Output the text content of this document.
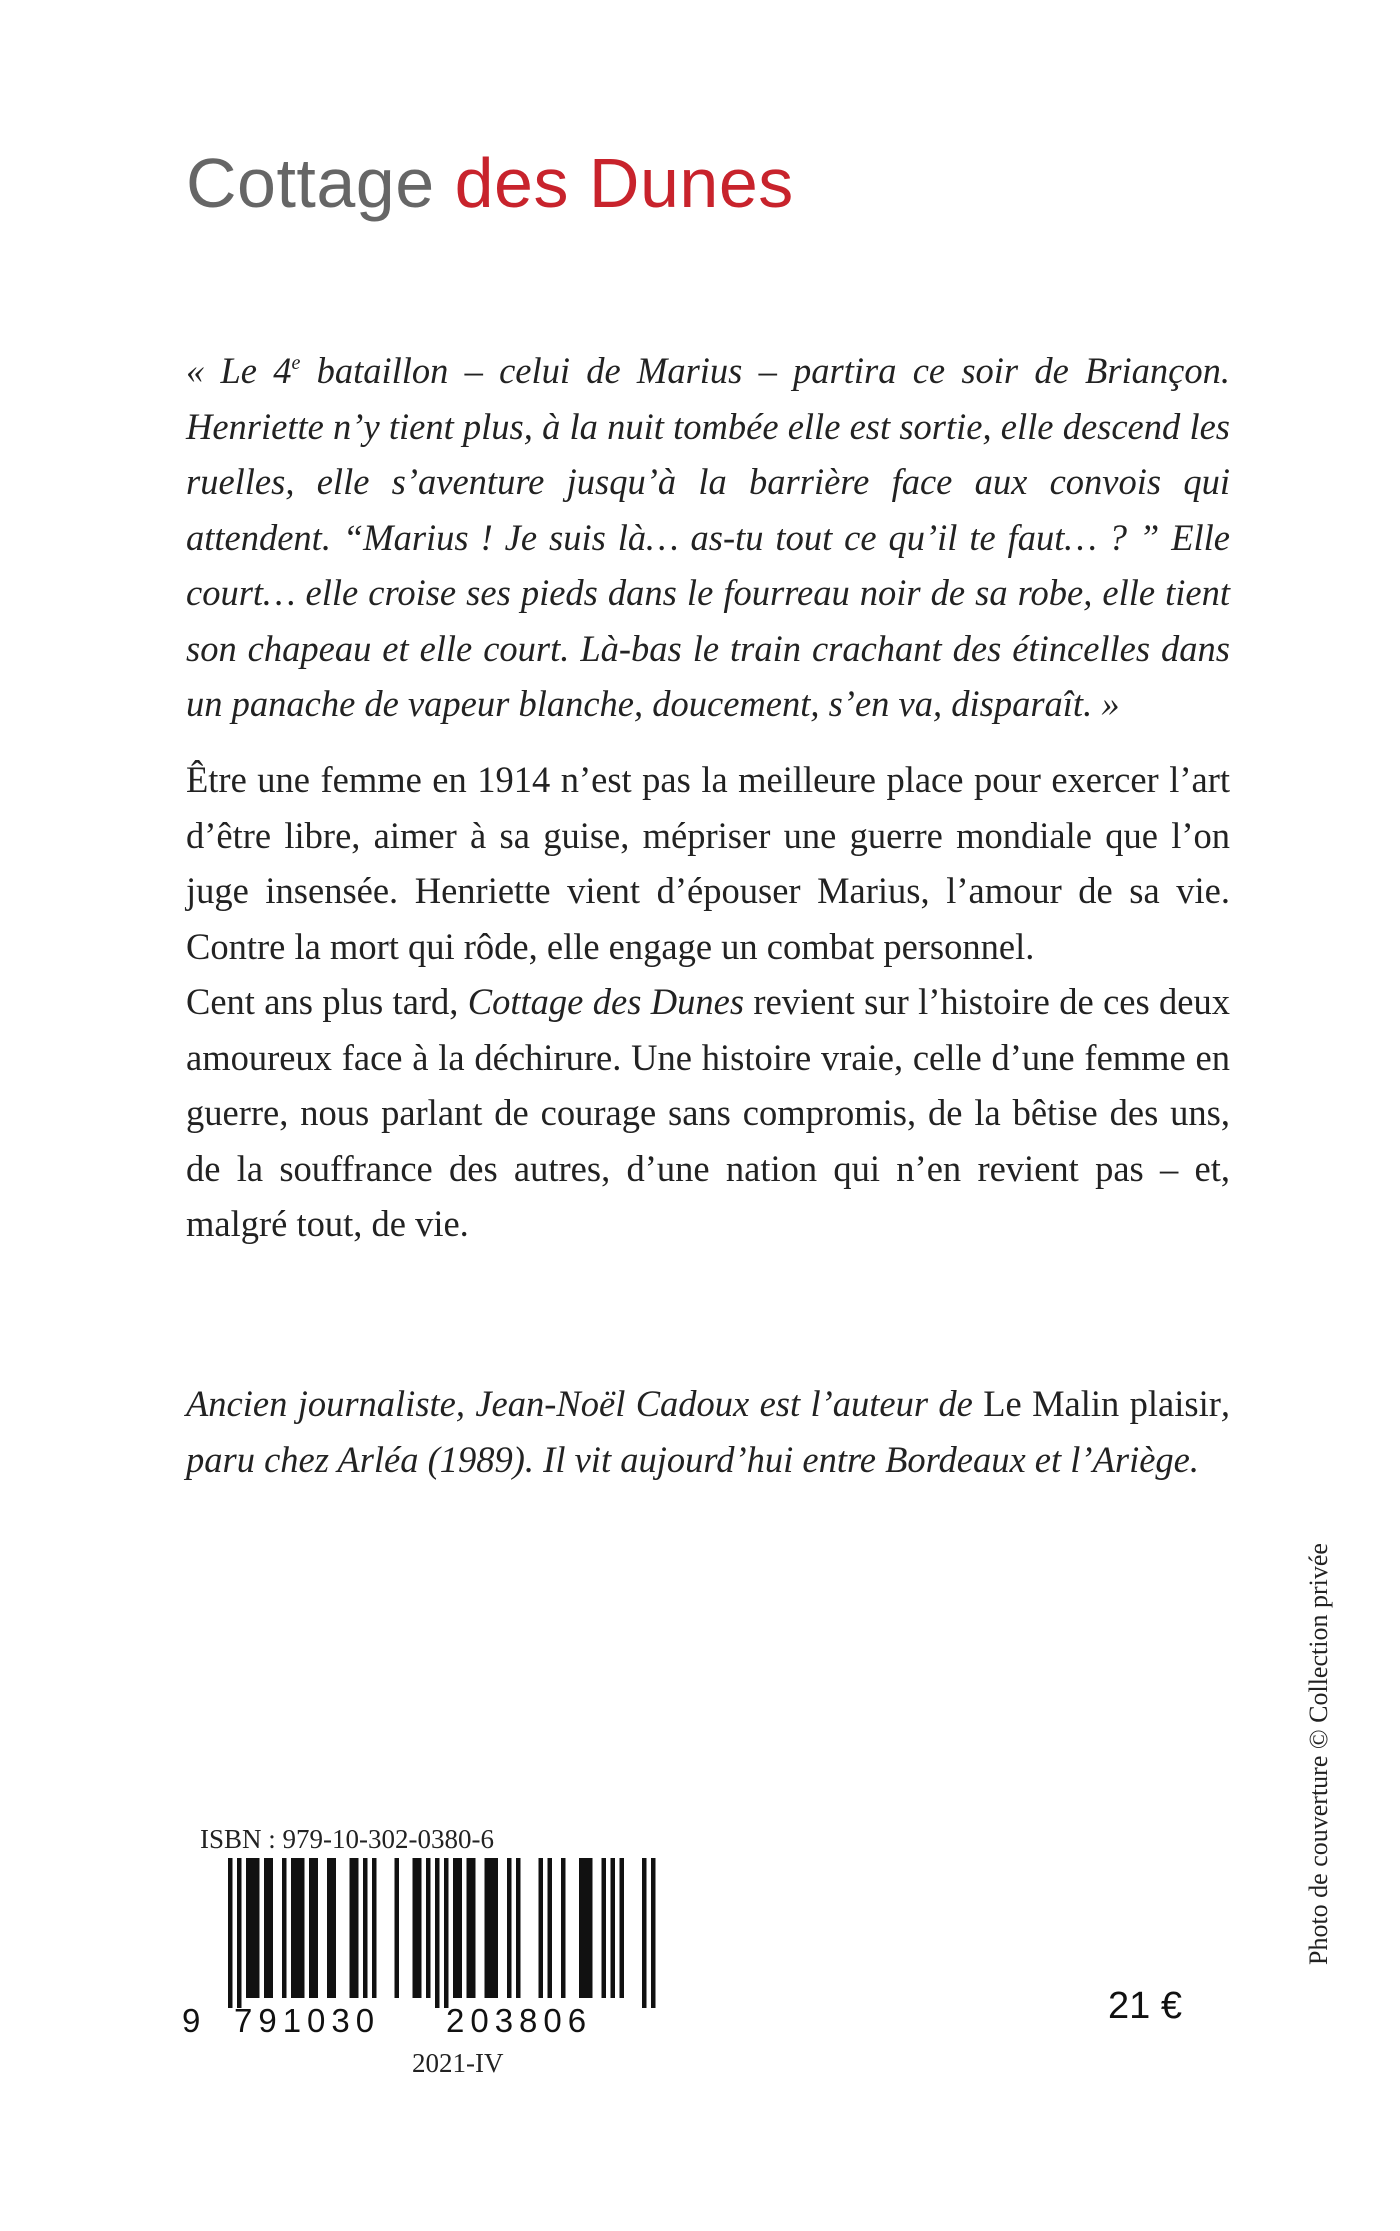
Cottage des Dunes
« Le 4e bataillon – celui de Marius – partira ce soir de Briançon. Henriette n’y tient plus, à la nuit tombée elle est sortie, elle descend les ruelles, elle s’aventure jusqu’à la barrière face aux convois qui attendent. “Marius ! Je suis là… as-tu tout ce qu’il te faut… ? ” Elle court… elle croise ses pieds dans le fourreau noir de sa robe, elle tient son chapeau et elle court. Là-bas le train crachant des étincelles dans un panache de vapeur blanche, doucement, s’en va, disparaît. »

Être une femme en 1914 n’est pas la meilleure place pour exercer l’art d’être libre, aimer à sa guise, mépriser une guerre mondiale que l’on juge insensée. Henriette vient d’épouser Marius, l’amour de sa vie. Contre la mort qui rôde, elle engage un combat personnel.

Cent ans plus tard, Cottage des Dunes revient sur l’histoire de ces deux amoureux face à la déchirure. Une histoire vraie, celle d’une femme en guerre, nous parlant de courage sans compromis, de la bêtise des uns, de la souffrance des autres, d’une nation qui n’en revient pas – et, malgré tout, de vie.

Ancien journaliste, Jean-Noël Cadoux est l’auteur de Le Malin plaisir, paru chez Arléa (1989). Il vit aujourd’hui entre Bordeaux et l’Ariège.
Photo de couverture © Collection privée
ISBN : 979-10-302-0380-6
9 791030 203806
2021-IV
21 €
